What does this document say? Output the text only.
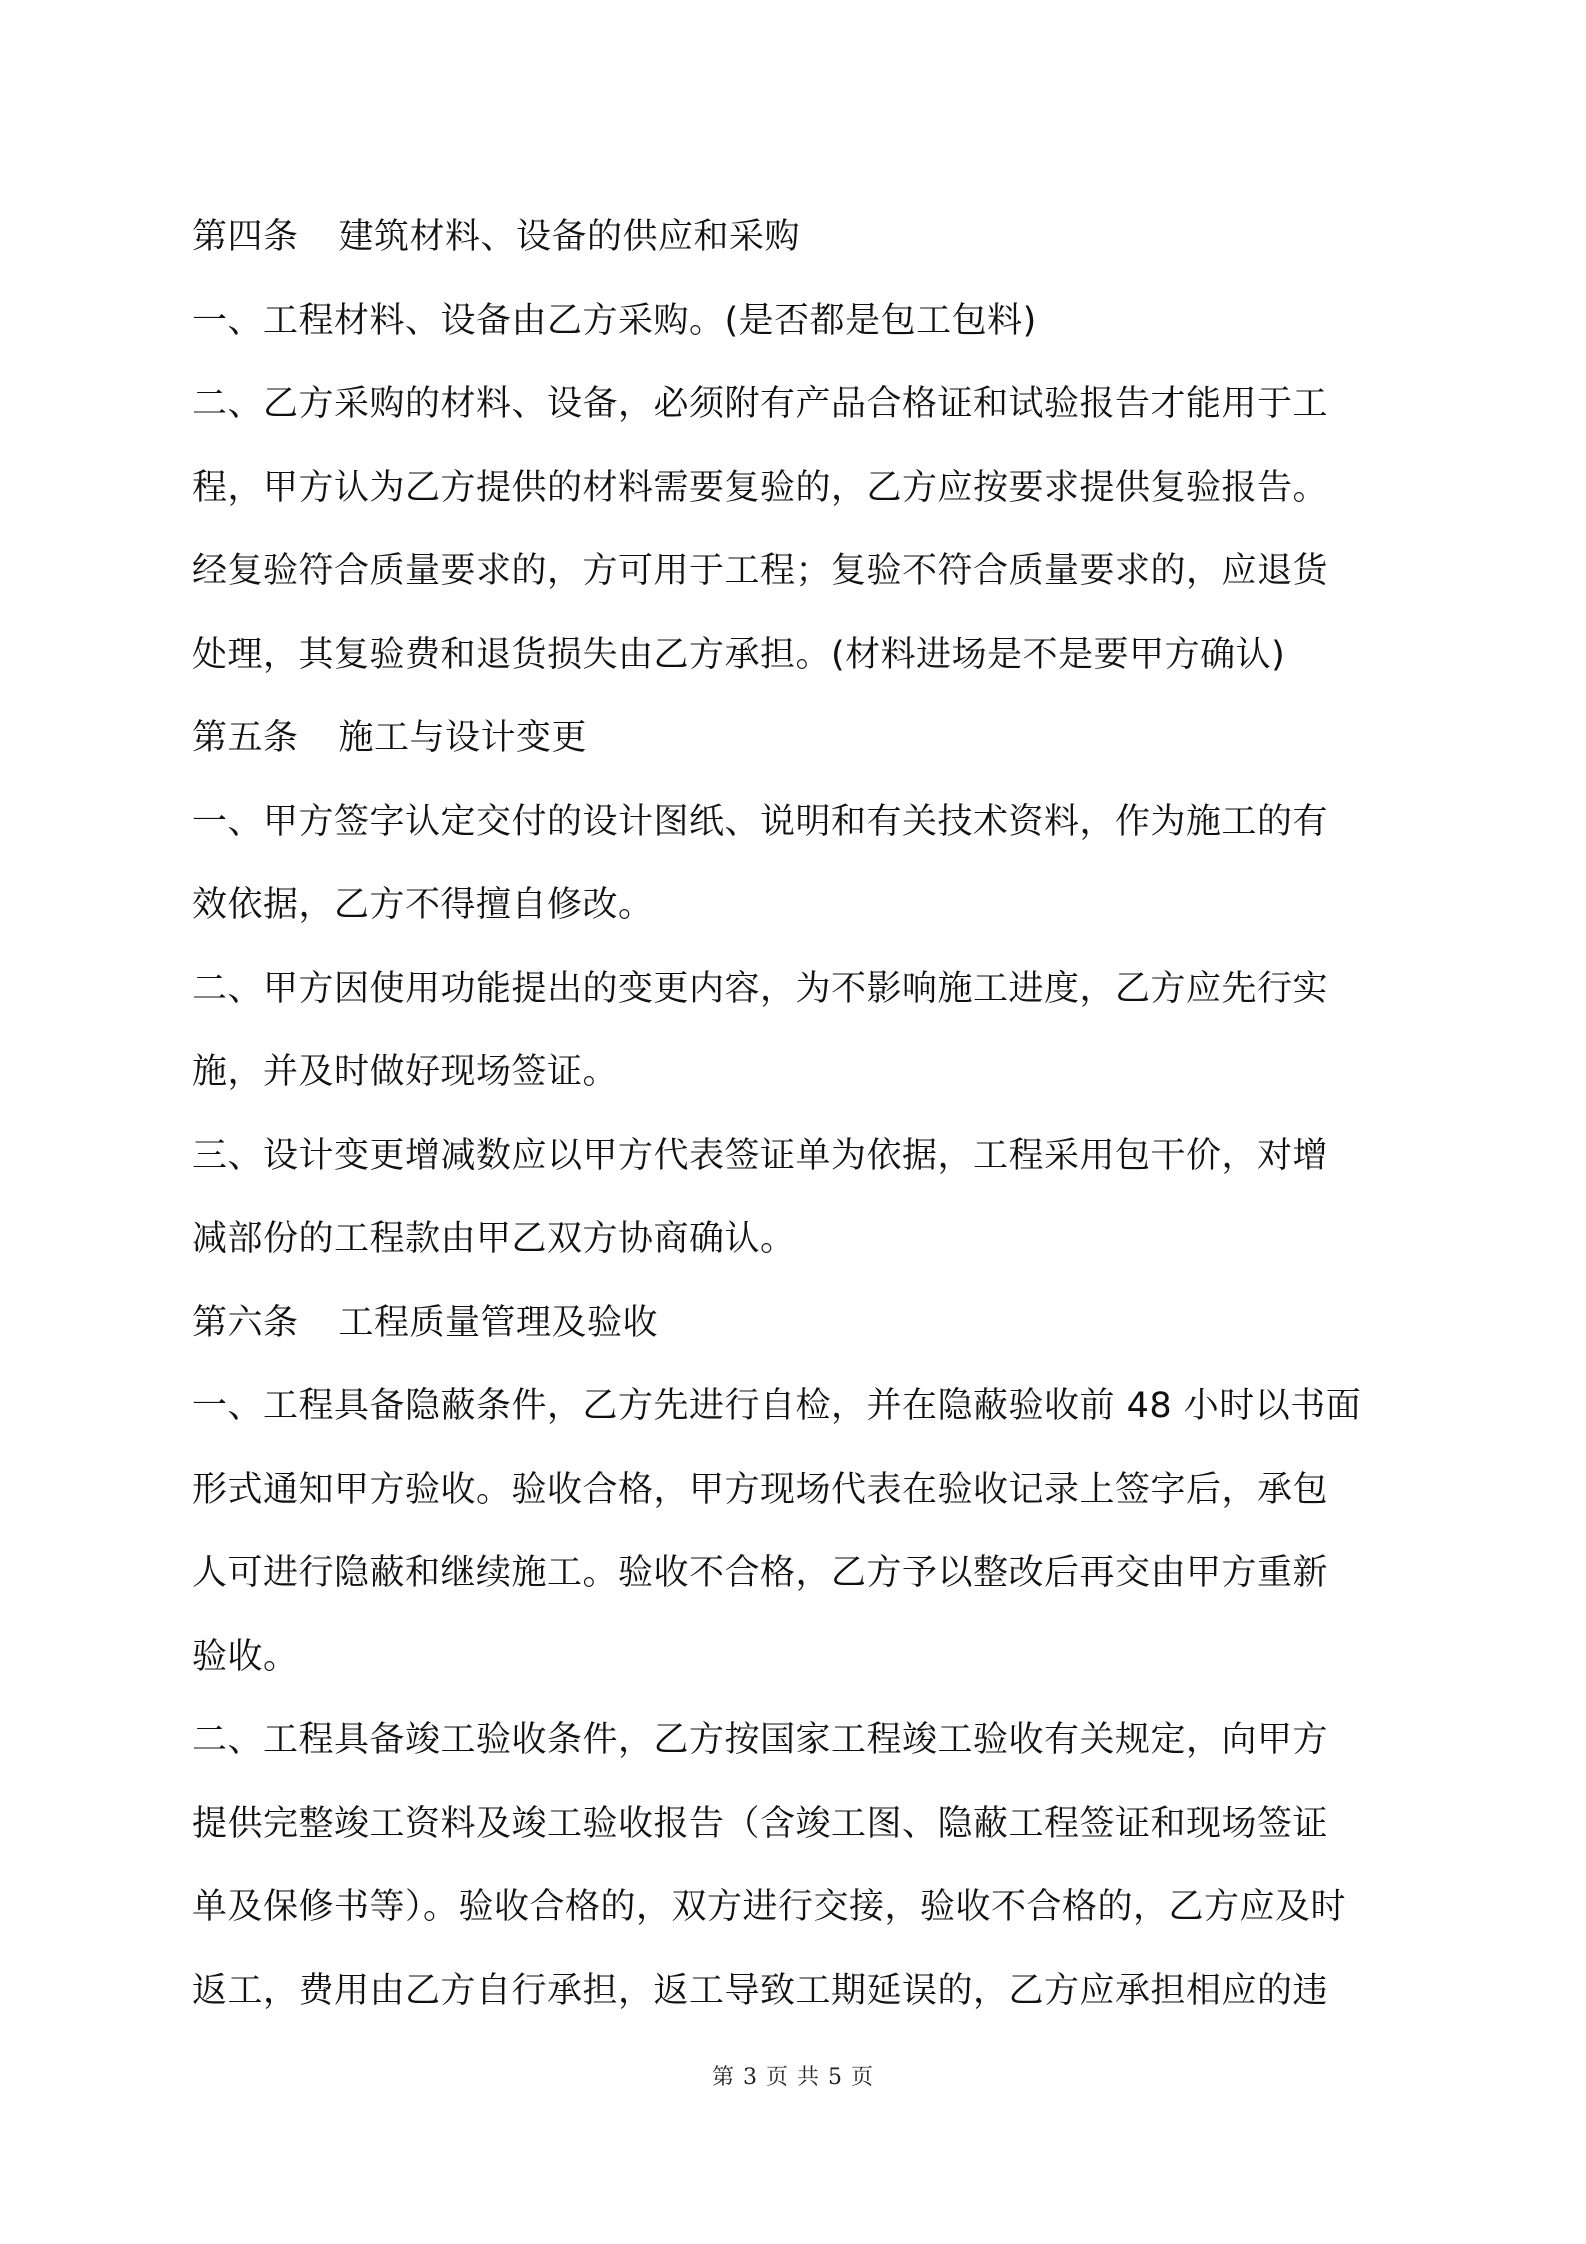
第四条 建筑材料、设备的供应和采购
一、工程材料、设备由乙方采购。(是否都是包工包料)
二、乙方采购的材料、设备，必须附有产品合格证和试验报告才能用于工
程，甲方认为乙方提供的材料需要复验的，乙方应按要求提供复验报告。
经复验符合质量要求的，方可用于工程；复验不符合质量要求的，应退货
处理，其复验费和退货损失由乙方承担。(材料进场是不是要甲方确认)
第五条 施工与设计变更
一、甲方签字认定交付的设计图纸、说明和有关技术资料，作为施工的有
效依据，乙方不得擅自修改。
二、甲方因使用功能提出的变更内容，为不影响施工进度，乙方应先行实
施，并及时做好现场签证。
三、设计变更增减数应以甲方代表签证单为依据，工程采用包干价，对增
减部份的工程款由甲乙双方协商确认。
第六条 工程质量管理及验收
一、工程具备隐蔽条件，乙方先进行自检，并在隐蔽验收前 48 小时以书面
形式通知甲方验收。验收合格，甲方现场代表在验收记录上签字后，承包
人可进行隐蔽和继续施工。验收不合格，乙方予以整改后再交由甲方重新
验收。
二、工程具备竣工验收条件，乙方按国家工程竣工验收有关规定，向甲方
提供完整竣工资料及竣工验收报告（含竣工图、隐蔽工程签证和现场签证
单及保修书等）。验收合格的，双方进行交接，验收不合格的，乙方应及时
返工，费用由乙方自行承担，返工导致工期延误的，乙方应承担相应的违
第 3 页 共 5 页
